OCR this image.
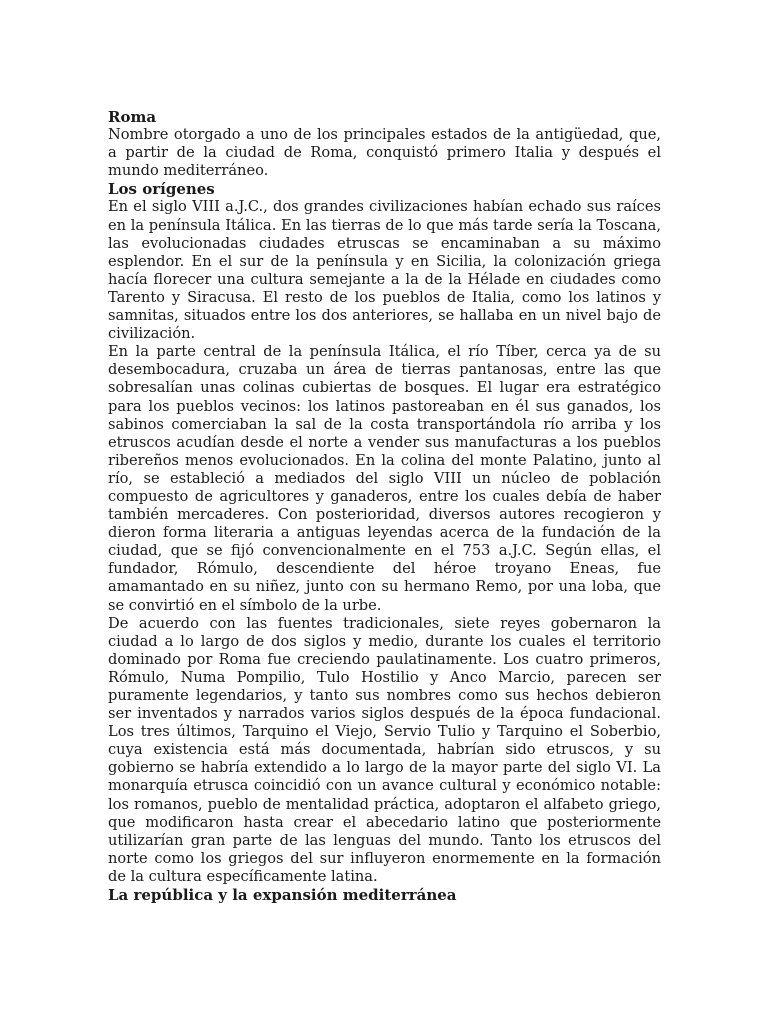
Roma

Nombre otorgado a uno de los principales estados de la antigüedad, que, a partir de la ciudad de Roma, conquistó primero Italia y después el mundo mediterráneo.

Los orígenes

En el siglo VIII a.J.C., dos grandes civilizaciones habían echado sus raíces en la península Itálica. En las tierras de lo que más tarde sería la Toscana, las evolucionadas ciudades etruscas se encaminaban a su máximo esplendor. En el sur de la península y en Sicilia, la colonización griega hacía florecer una cultura semejante a la de la Hélade en ciudades como Tarento y Siracusa. El resto de los pueblos de Italia, como los latinos y samnitas, situados entre los dos anteriores, se hallaba en un nivel bajo de civilización.

En la parte central de la península Itálica, el río Tíber, cerca ya de su desembocadura, cruzaba un área de tierras pantanosas, entre las que sobresalían unas colinas cubiertas de bosques. El lugar era estratégico para los pueblos vecinos: los latinos pastoreaban en él sus ganados, los sabinos comerciaban la sal de la costa transportándola río arriba y los etruscos acudían desde el norte a vender sus manufacturas a los pueblos ribereños menos evolucionados. En la colina del monte Palatino, junto al río, se estableció a mediados del siglo VIII un núcleo de población compuesto de agricultores y ganaderos, entre los cuales debía de haber también mercaderes. Con posterioridad, diversos autores recogieron y dieron forma literaria a antiguas leyendas acerca de la fundación de la ciudad, que se fijó convencionalmente en el 753 a.J.C. Según ellas, el fundador, Rómulo, descendiente del héroe troyano Eneas, fue amamantado en su niñez, junto con su hermano Remo, por una loba, que se convirtió en el símbolo de la urbe.

De acuerdo con las fuentes tradicionales, siete reyes gobernaron la ciudad a lo largo de dos siglos y medio, durante los cuales el territorio dominado por Roma fue creciendo paulatinamente. Los cuatro primeros, Rómulo, Numa Pompilio, Tulo Hostilio y Anco Marcio, parecen ser puramente legendarios, y tanto sus nombres como sus hechos debieron ser inventados y narrados varios siglos después de la época fundacional. Los tres últimos, Tarquino el Viejo, Servio Tulio y Tarquino el Soberbio, cuya existencia está más documentada, habrían sido etruscos, y su gobierno se habría extendido a lo largo de la mayor parte del siglo VI. La monarquía etrusca coincidió con un avance cultural y económico notable: los romanos, pueblo de mentalidad práctica, adoptaron el alfabeto griego, que modificaron hasta crear el abecedario latino que posteriormente utilizarían gran parte de las lenguas del mundo. Tanto los etruscos del norte como los griegos del sur influyeron enormemente en la formación de la cultura específicamente latina.

La república y la expansión mediterránea
